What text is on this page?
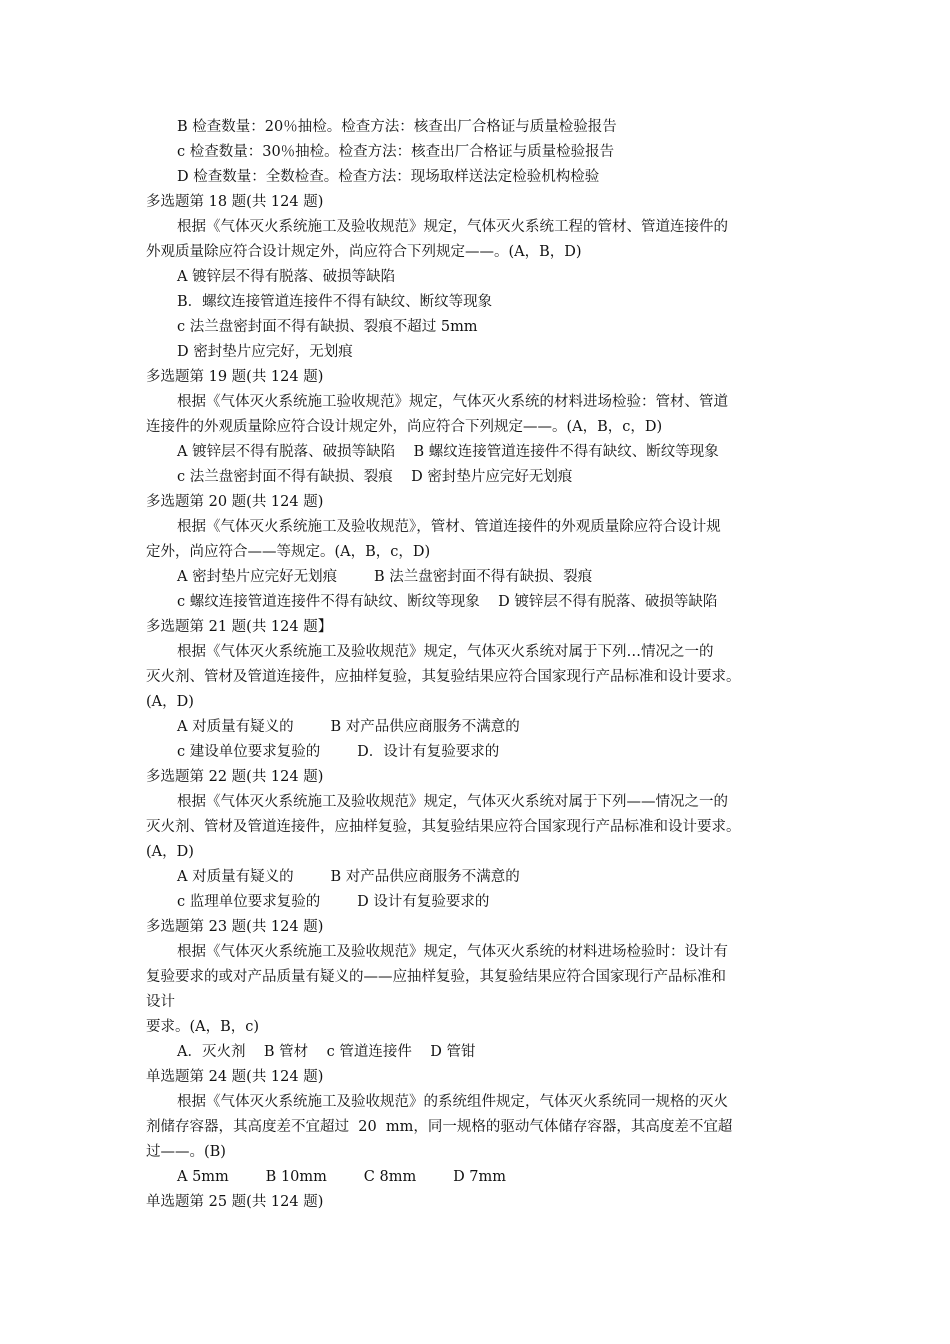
B 检查数量：20％抽检。检查方法：核查出厂合格证与质量检验报告
c 检查数量：30％抽检。检查方法：核查出厂合格证与质量检验报告
D 检查数量：全数检查。检查方法：现场取样送法定检验机构检验
多选题第 18 题(共 124 题)
根据《气体灭火系统施工及验收规范》规定，气体灭火系统工程的管材、管道连接件的
外观质量除应符合设计规定外，尚应符合下列规定——。(A，B，D)
A 镀锌层不得有脱落、破损等缺陷
B．螺纹连接管道连接件不得有缺纹、断纹等现象
c 法兰盘密封面不得有缺损、裂痕不超过 5mm
D 密封垫片应完好，无划痕
多选题第 19 题(共 124 题)
根据《气体灭火系统施工验收规范》规定，气体灭火系统的材料进场检验：管材、管道
连接件的外观质量除应符合设计规定外，尚应符合下列规定——。(A，B，c，D)
A 镀锌层不得有脱落、破损等缺陷    B 螺纹连接管道连接件不得有缺纹、断纹等现象
c 法兰盘密封面不得有缺损、裂痕    D 密封垫片应完好无划痕
多选题第 20 题(共 124 题)
根据《气体灭火系统施工及验收规范》，管材、管道连接件的外观质量除应符合设计规
定外，尚应符合——等规定。(A，B，c，D)
A 密封垫片应完好无划痕        B 法兰盘密封面不得有缺损、裂痕
c 螺纹连接管道连接件不得有缺纹、断纹等现象    D 镀锌层不得有脱落、破损等缺陷
多选题第 21 题(共 124 题】
根据《气体灭火系统施工及验收规范》规定，气体灭火系统对属于下列…情况之一的
灭火剂、管材及管道连接件，应抽样复验，其复验结果应符合国家现行产品标准和设计要求。
(A，D)
A 对质量有疑义的        B 对产品供应商服务不满意的
c 建设单位要求复验的        D．设计有复验要求的
多选题第 22 题(共 124 题)
根据《气体灭火系统施工及验收规范》规定，气体灭火系统对属于下列——情况之一的
灭火剂、管材及管道连接件，应抽样复验，其复验结果应符合国家现行产品标准和设计要求。
(A，D)
A 对质量有疑义的        B 对产品供应商服务不满意的
c 监理单位要求复验的        D 设计有复验要求的
多选题第 23 题(共 124 题)
根据《气体灭火系统施工及验收规范》规定，气体灭火系统的材料进场检验时：设计有
复验要求的或对产品质量有疑义的——应抽样复验，其复验结果应符合国家现行产品标准和
设计
要求。(A，B，c)
A．灭火剂    B 管材    c 管道连接件    D 管钳
单选题第 24 题(共 124 题)
根据《气体灭火系统施工及验收规范》的系统组件规定，气体灭火系统同一规格的灭火
剂储存容器，其高度差不宜超过  20  mm，同一规格的驱动气体储存容器，其高度差不宜超
过——。(B)
A 5mm        B 10mm        C 8mm        D 7mm
单选题第 25 题(共 124 题)
